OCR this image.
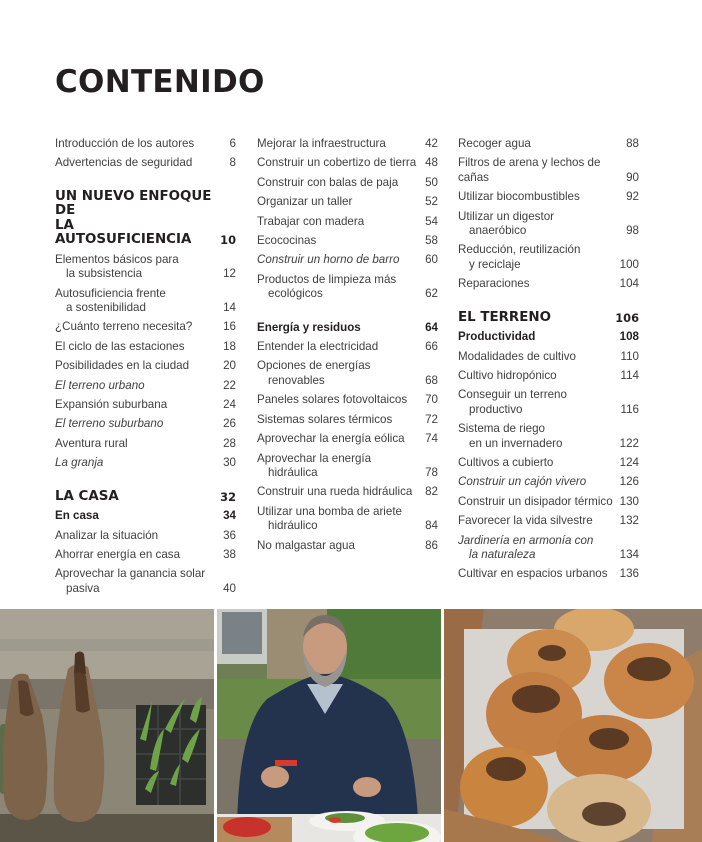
CONTENIDO
Introducción de los autores	6
Advertencias de seguridad	8
UN NUEVO ENFOQUE DE
LA AUTOSUFICIENCIA	10
Elementos básicos para
la subsistencia	12
Autosuficiencia frente
a sostenibilidad	14
¿Cuánto terreno necesita?	16
El ciclo de las estaciones	18
Posibilidades en la ciudad	20
El terreno urbano	22
Expansión suburbana	24
El terreno suburbano	26
Aventura rural	28
La granja	30
LA CASA	32
En casa	34
Analizar la situación	36
Ahorrar energía en casa	38
Aprovechar la ganancia solar
pasiva	40
Mejorar la infraestructura	42
Construir un cobertizo de tierra 48
Construir con balas de paja	50
Organizar un taller	52
Trabajar con madera	54
Ecococinas	58
Construir un horno de barro	60
Productos de limpieza más
ecológicos	62
Energía y residuos	64
Entender la electricidad	66
Opciones de energías
renovables	68
Paneles solares fotovoltaicos	70
Sistemas solares térmicos	72
Aprovechar la energía eólica	74
Aprovechar la energía
hidráulica	78
Construir una rueda hidráulica	82
Utilizar una bomba de ariete
hidráulico	84
No malgastar agua	86
Recoger agua	88
Filtros de arena y lechos de cañas	90
Utilizar biocombustibles	92
Utilizar un digestor
anaeróbico	98
Reducción, reutilización
y reciclaje	100
Reparaciones	104
EL TERRENO	106
Productividad	108
Modalidades de cultivo	110
Cultivo hidropónico	114
Conseguir un terreno
productivo	116
Sistema de riego
en un invernadero	122
Cultivos a cubierto	124
Construir un cajón vivero	126
Construir un disipador térmico 130
Favorecer la vida silvestre	132
Jardinería en armonía con
la naturaleza	134
Cultivar en espacios urbanos	136
